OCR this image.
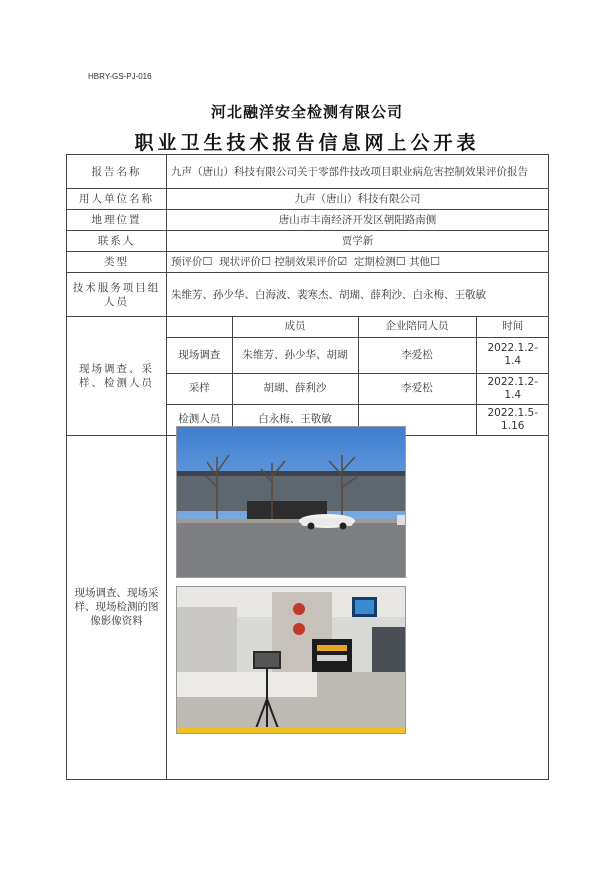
HBRY-GS-PJ-016
河北融洋安全检测有限公司
职业卫生技术报告信息网上公开表
报告名称	九声（唐山）科技有限公司关于零部件技改项目职业病危害控制效果评价报告
用人单位名称	九声（唐山）科技有限公司
地理位置	唐山市丰南经济开发区朝阳路南侧
联系人	贾学新
类型	预评价☐ 现状评价☐ 控制效果评价☑ 定期检测☐ 其他☐
技术服务项目组人员	朱维芳、孙少华、白海波、裴寒杰、胡瑚、薛利沙、白永梅、王敬敏
现场调查、采样、检测人员	
	成员	企业陪同人员	时间
现场调查	朱维芳、孙少华、胡瑚	李爱松	2022.1.2-1.4
采样	胡瑚、薛利沙	李爱松	2022.1.2-1.4
检测人员	白永梅、王敬敏		2022.1.5-1.16

现场调查、现场采样、现场检测的图像影像资料	
